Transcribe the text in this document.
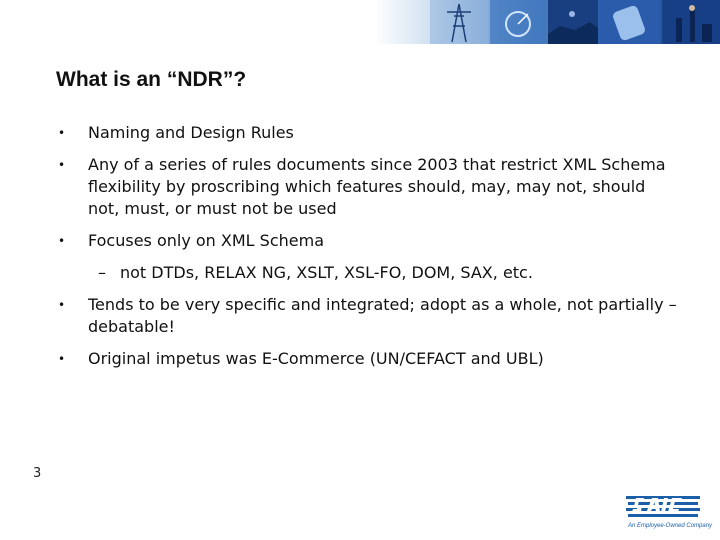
What is an “NDR”?
•	Naming and Design Rules
•	Any of a series of rules documents since 2003 that restrict XML Schema flexibility by proscribing which features should, may, may not, should not, must, or must not be used
•	Focuses only on XML Schema
– not DTDs, RELAX NG, XSLT, XSL-FO, DOM, SAX, etc.
•	Tends to be very specific and integrated; adopt as a whole, not partially – debatable!
•	Original impetus was E-Commerce (UN/CEFACT and UBL)
3
An Employee-Owned Company
